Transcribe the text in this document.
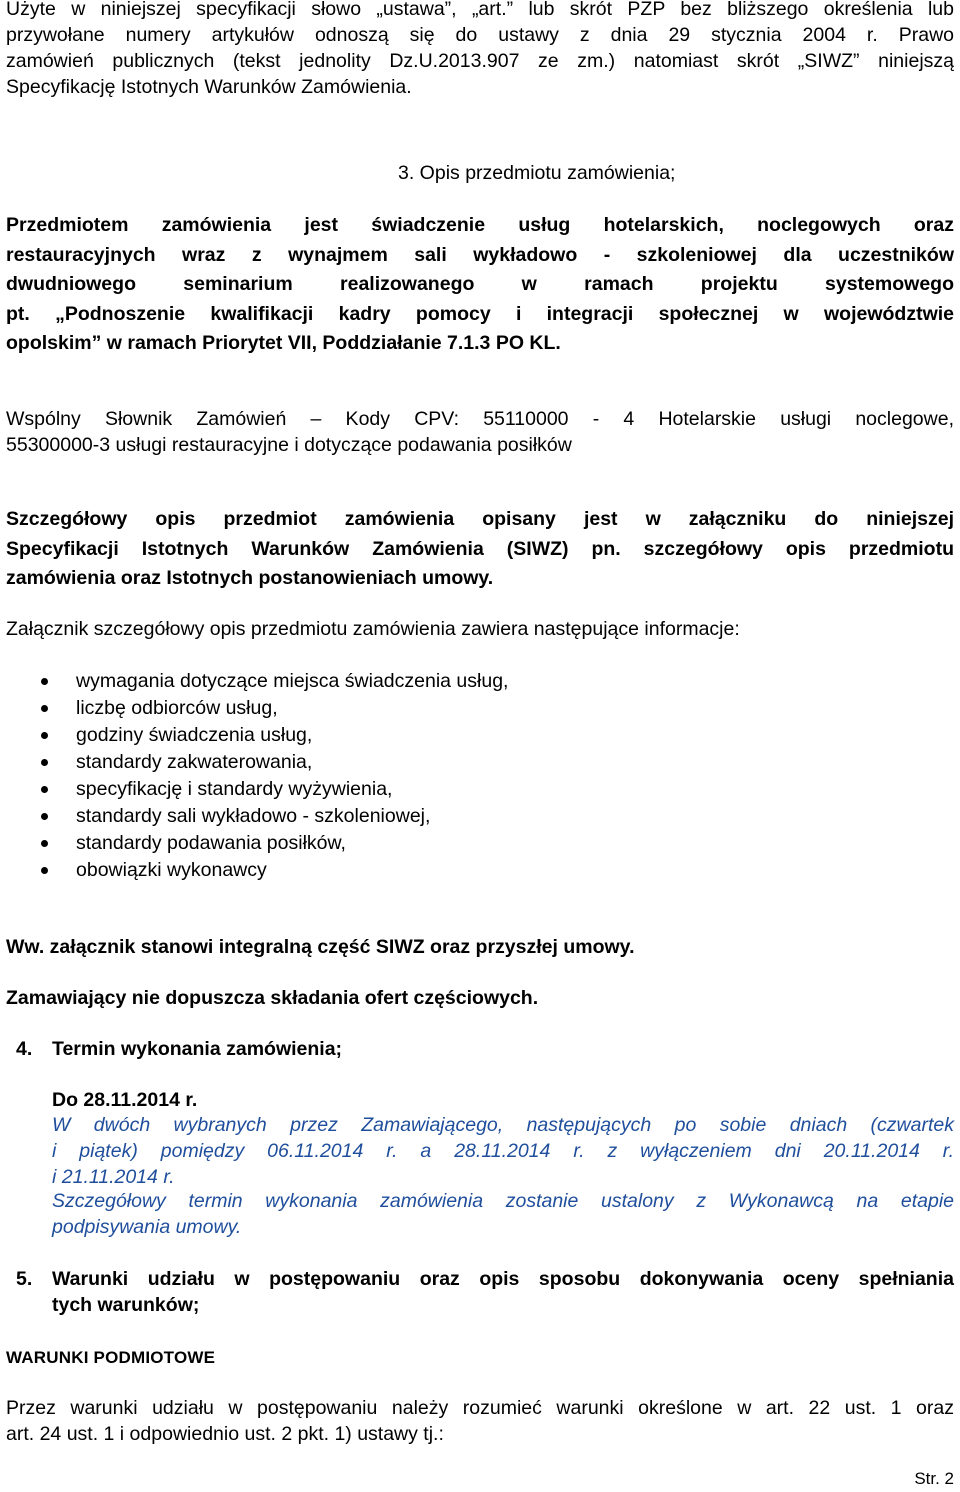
Użyte w niniejszej specyfikacji słowo „ustawa”, „art.” lub skrót PZP bez bliższego określenia lub
przywołane numery artykułów odnoszą się do ustawy z dnia 29 stycznia 2004 r. Prawo
zamówień publicznych (tekst jednolity Dz.U.2013.907 ze zm.) natomiast skrót „SIWZ” niniejszą
Specyfikację Istotnych Warunków Zamówienia.
3. Opis przedmiotu zamówienia;
Przedmiotem zamówienia jest świadczenie usług hotelarskich, noclegowych oraz
restauracyjnych wraz z wynajmem sali wykładowo - szkoleniowej dla uczestników
dwudniowego seminarium realizowanego w ramach projektu systemowego
pt. „Podnoszenie kwalifikacji kadry pomocy i integracji społecznej w województwie
opolskim” w ramach Priorytet VII, Poddziałanie 7.1.3 PO KL.
Wspólny Słownik Zamówień – Kody CPV: 55110000 - 4 Hotelarskie usługi noclegowe,
55300000-3 usługi restauracyjne i dotyczące podawania posiłków
Szczegółowy opis przedmiot zamówienia opisany jest w załączniku do niniejszej
Specyfikacji Istotnych Warunków Zamówienia (SIWZ) pn. szczegółowy opis przedmiotu
zamówienia oraz Istotnych postanowieniach umowy.
Załącznik szczegółowy opis przedmiotu zamówienia zawiera następujące informacje:
wymagania dotyczące miejsca świadczenia usług,
liczbę odbiorców usług,
godziny świadczenia usług,
standardy zakwaterowania,
specyfikację i standardy wyżywienia,
standardy sali wykładowo - szkoleniowej,
standardy podawania posiłków,
obowiązki wykonawcy
Ww. załącznik stanowi integralną część SIWZ oraz przyszłej umowy.
Zamawiający nie dopuszcza składania ofert częściowych.
4. Termin wykonania zamówienia;
Do 28.11.2014 r.
W dwóch wybranych przez Zamawiającego, następujących po sobie dniach (czwartek
i piątek) pomiędzy 06.11.2014 r. a 28.11.2014 r. z wyłączeniem dni 20.11.2014 r.
i 21.11.2014 r.
Szczegółowy termin wykonania zamówienia zostanie ustalony z Wykonawcą na etapie
podpisywania umowy.
5. Warunki udziału w postępowaniu oraz opis sposobu dokonywania oceny spełniania
tych warunków;
WARUNKI PODMIOTOWE
Przez warunki udziału w postępowaniu należy rozumieć warunki określone w art. 22 ust. 1 oraz
art. 24 ust. 1 i odpowiednio ust. 2 pkt. 1) ustawy tj.:
Str. 2
